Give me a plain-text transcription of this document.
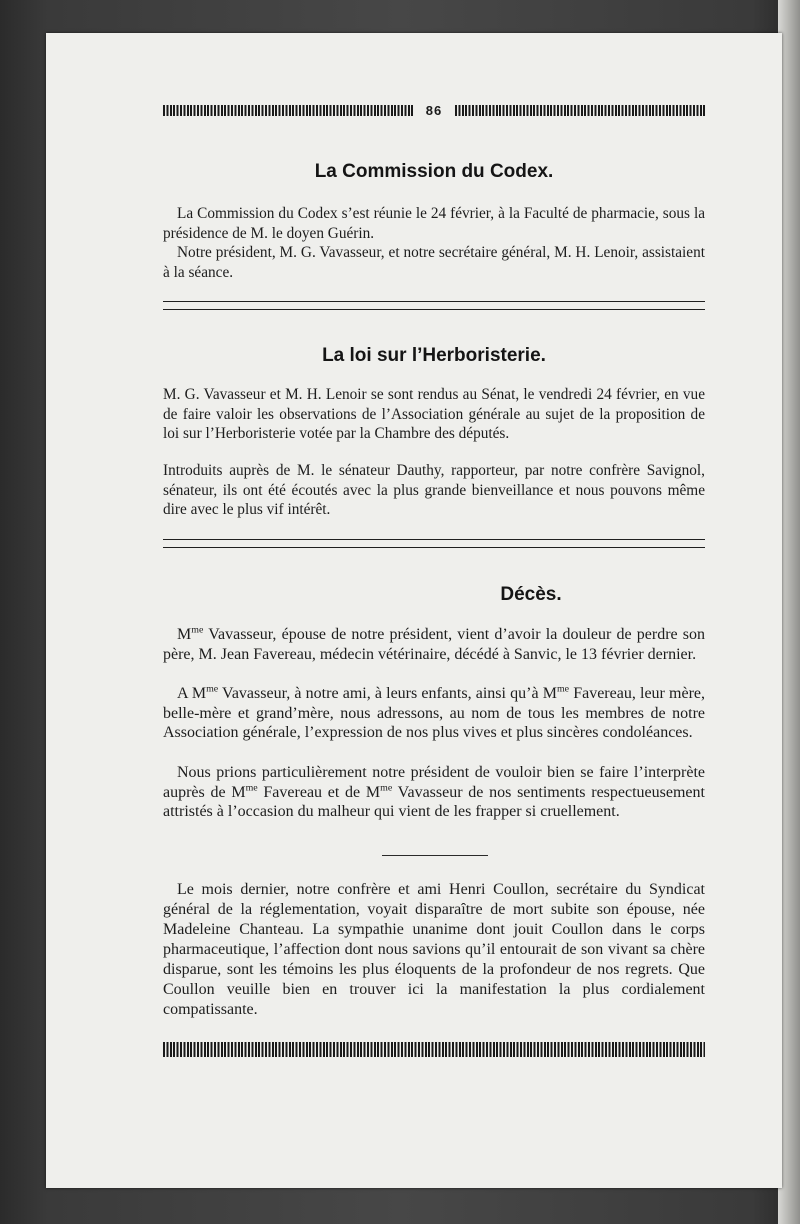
86
La Commission du Codex.

La Commission du Codex s’est réunie le 24 février, à la Faculté de pharmacie, sous la présidence de M. le doyen Guérin.

Notre président, M. G. Vavasseur, et notre secrétaire général, M. H. Lenoir, assistaient à la séance.

La loi sur l’Herboristerie.

M. G. Vavasseur et M. H. Lenoir se sont rendus au Sénat, le vendredi 24 février, en vue de faire valoir les observations de l’Association générale au sujet de la proposition de loi sur l’Herboristerie votée par la Chambre des députés.

Introduits auprès de M. le sénateur Dauthy, rapporteur, par notre confrère Savignol, sénateur, ils ont été écoutés avec la plus grande bienveillance et nous pouvons même dire avec le plus vif intérêt.

Décès.

$M^{me}$ Vavasseur, épouse de notre président, vient d’avoir la douleur de perdre son père, M. Jean Favereau, médecin vétérinaire, décédé à Sanvic, le 13 février dernier.

A $M^{me}$ Vavasseur, à notre ami, à leurs enfants, ainsi qu’à $M^{me}$ Favereau, leur mère, belle-mère et grand’mère, nous adressons, au nom de tous les membres de notre Association générale, l’expression de nos plus vives et plus sincères condoléances.

Nous prions particulièrement notre président de vouloir bien se faire l’interprète auprès de $M^{me}$ Favereau et de $M^{me}$ Vavasseur de nos sentiments respectueusement attristés à l’occasion du malheur qui vient de les frapper si cruellement.

Le mois dernier, notre confrère et ami Henri Coullon, secrétaire du Syndicat général de la réglementation, voyait disparaître de mort subite son épouse, née Madeleine Chanteau. La sympathie unanime dont jouit Coullon dans le corps pharmaceutique, l’affection dont nous savions qu’il entourait de son vivant sa chère disparue, sont les témoins les plus éloquents de la profondeur de nos regrets. Que Coullon veuille bien en trouver ici la manifestation la plus cordialement compatissante.
